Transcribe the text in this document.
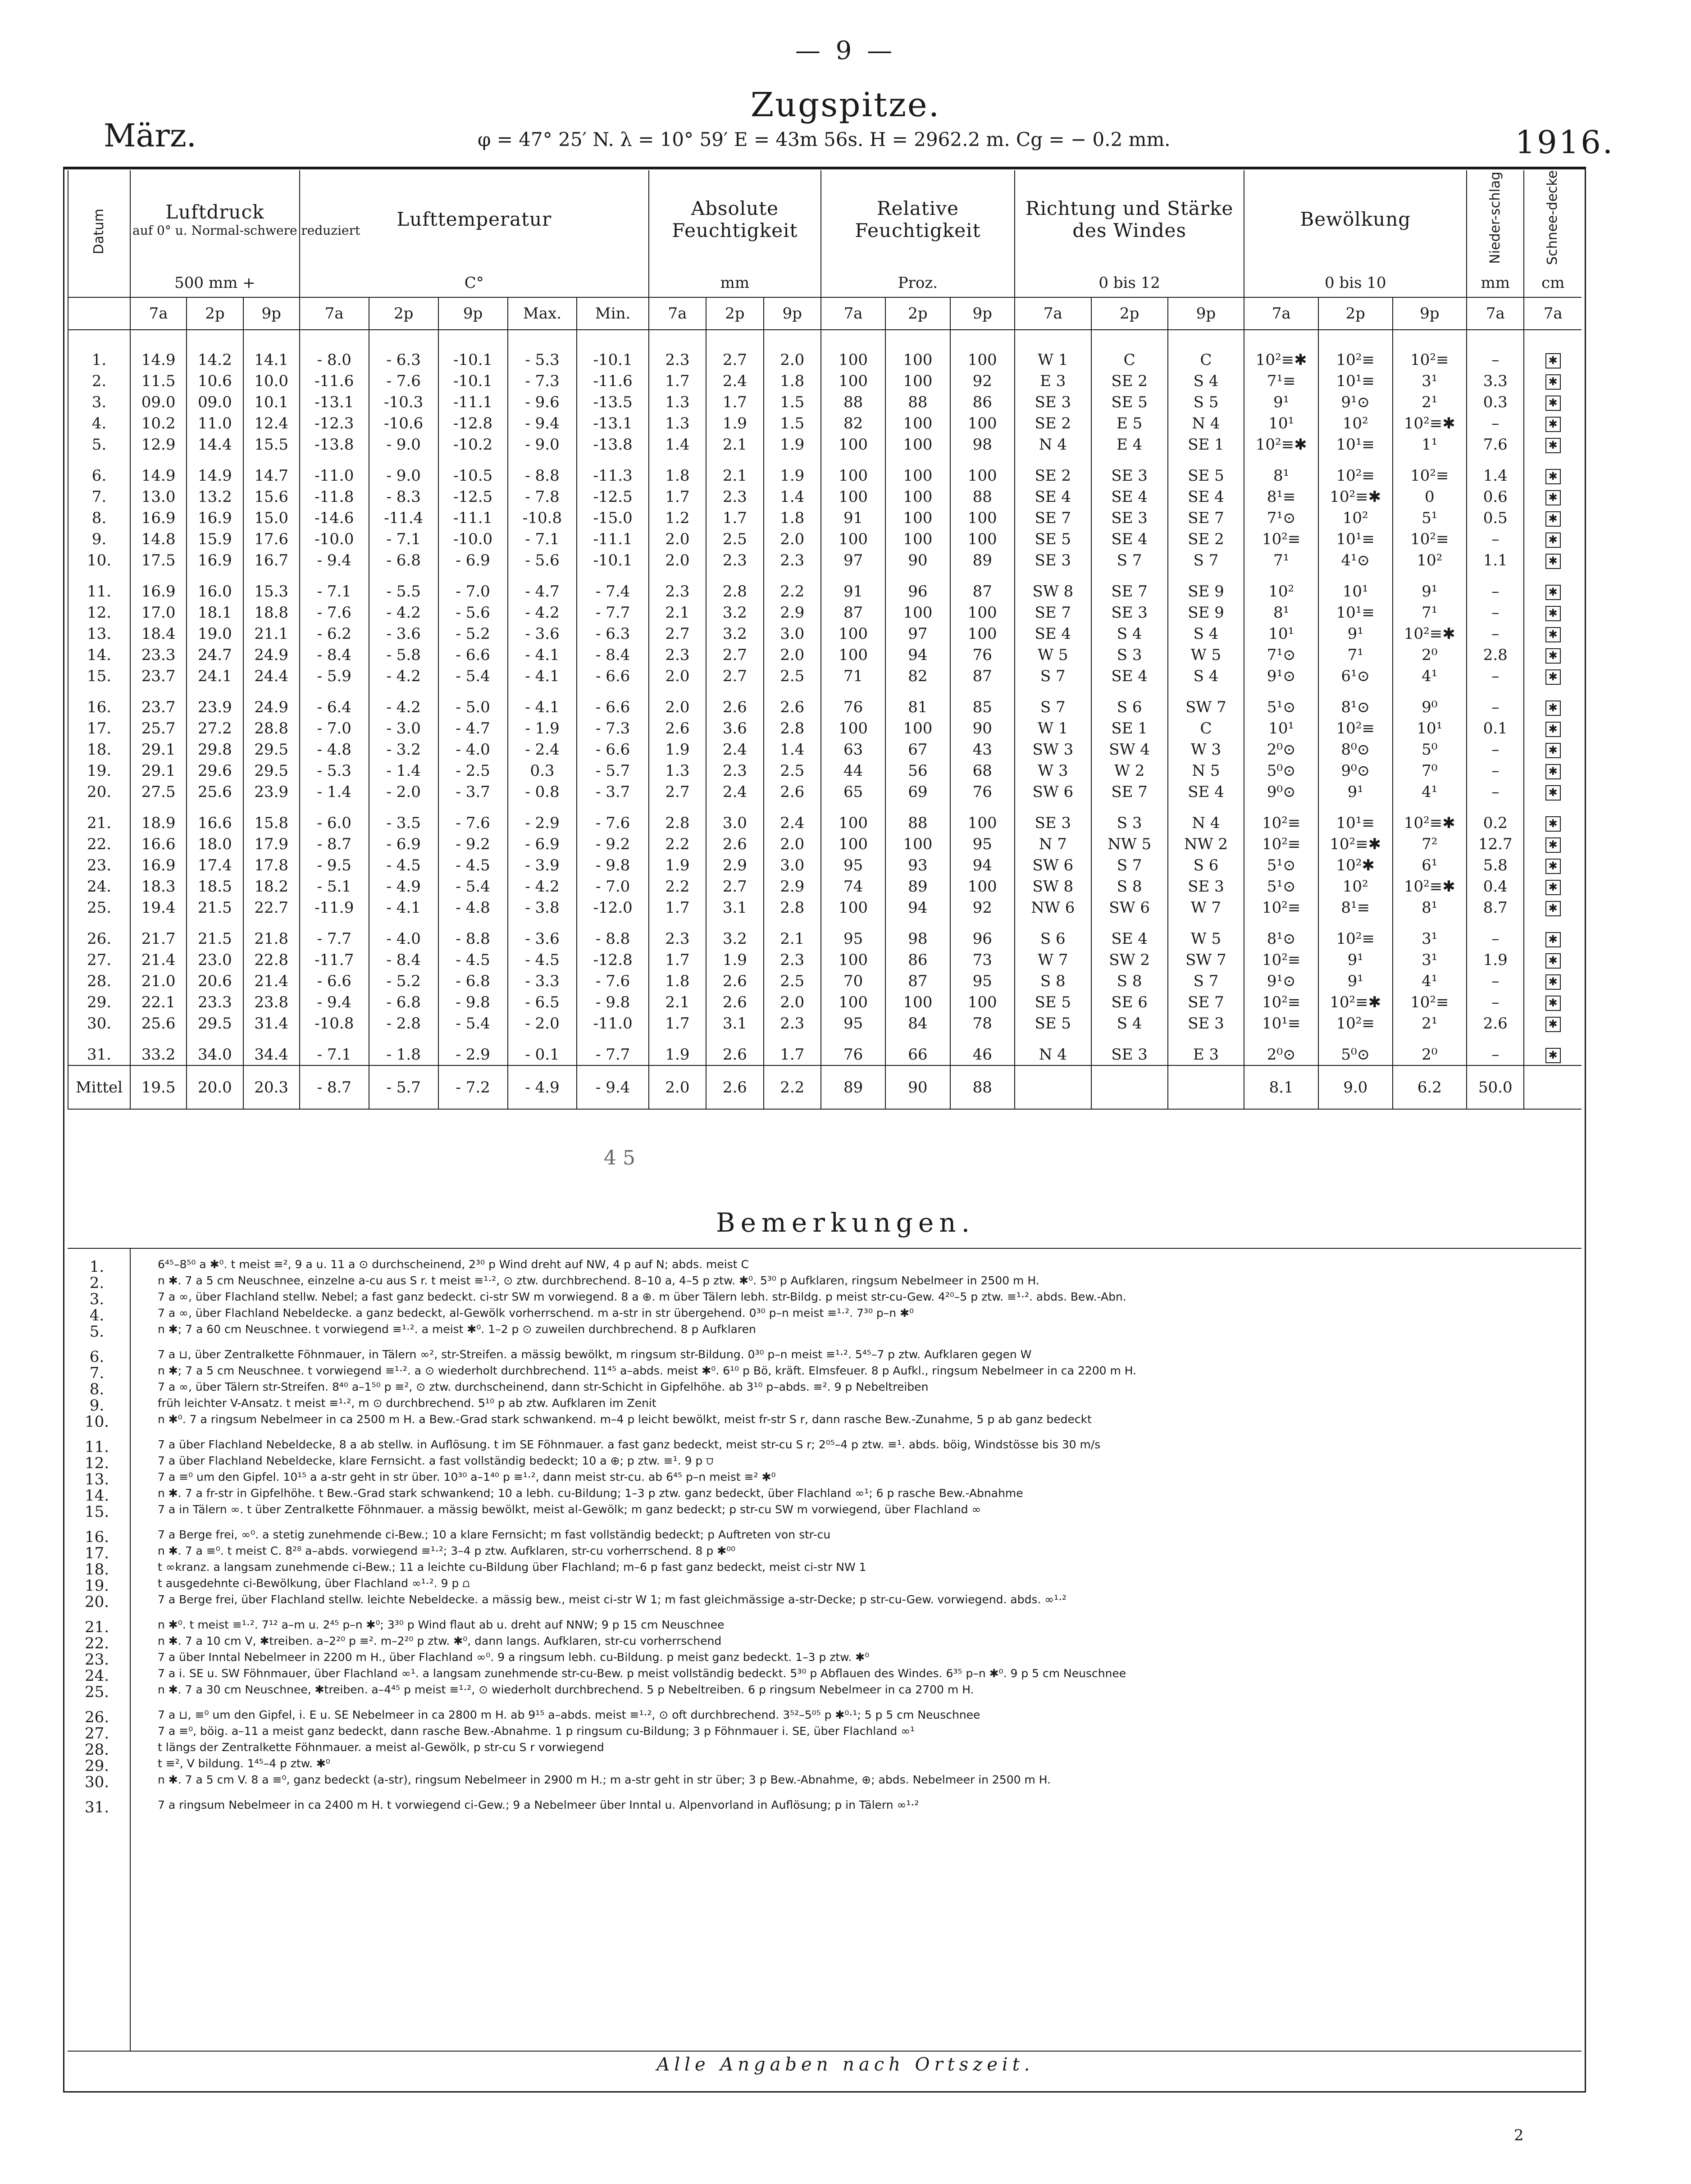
— 9 —
Zugspitze.
März.	φ = 47° 25′ N. λ = 10° 59′ E = 43m 56s. H = 2962.2 m. Cg = − 0.2 mm.	1916.
Datum	Luftdruck
auf 0° u. Normal-schwere reduziert			Lufttemperatur					Absolute Feuchtigkeit			Relative Feuchtigkeit			Richtung und Stärke des Windes			Bewölkung			Nieder-schlag	Schnee-decke
	500 mm +			C°					mm			Proz.			0 bis 12			0 bis 10			mm	cm
	7a	2p	9p	7a	2p	9p	Max.	Min.	7a	2p	9p	7a	2p	9p	7a	2p	9p	7a	2p	9p	7a	7a
1.	14.9	14.2	14.1	- 8.0	- 6.3	-10.1	- 5.3	-10.1	2.3	2.7	2.0	100	100	100	W 1	C	C	10²≡✱	10²≡	10²≡	–	✱
2.	11.5	10.6	10.0	-11.6	- 7.6	-10.1	- 7.3	-11.6	1.7	2.4	1.8	100	100	92	E 3	SE 2	S 4	7¹≡	10¹≡	3¹	3.3	✱
3.	09.0	09.0	10.1	-13.1	-10.3	-11.1	- 9.6	-13.5	1.3	1.7	1.5	88	88	86	SE 3	SE 5	S 5	9¹	9¹⊙	2¹	0.3	✱
4.	10.2	11.0	12.4	-12.3	-10.6	-12.8	- 9.4	-13.1	1.3	1.9	1.5	82	100	100	SE 2	E 5	N 4	10¹	10²	10²≡✱	–	✱
5.	12.9	14.4	15.5	-13.8	- 9.0	-10.2	- 9.0	-13.8	1.4	2.1	1.9	100	100	98	N 4	E 4	SE 1	10²≡✱	10¹≡	1¹	7.6	✱
6.	14.9	14.9	14.7	-11.0	- 9.0	-10.5	- 8.8	-11.3	1.8	2.1	1.9	100	100	100	SE 2	SE 3	SE 5	8¹	10²≡	10²≡	1.4	✱
7.	13.0	13.2	15.6	-11.8	- 8.3	-12.5	- 7.8	-12.5	1.7	2.3	1.4	100	100	88	SE 4	SE 4	SE 4	8¹≡	10²≡✱	0	0.6	✱
8.	16.9	16.9	15.0	-14.6	-11.4	-11.1	-10.8	-15.0	1.2	1.7	1.8	91	100	100	SE 7	SE 3	SE 7	7¹⊙	10²	5¹	0.5	✱
9.	14.8	15.9	17.6	-10.0	- 7.1	-10.0	- 7.1	-11.1	2.0	2.5	2.0	100	100	100	SE 5	SE 4	SE 2	10²≡	10¹≡	10²≡	–	✱
10.	17.5	16.9	16.7	- 9.4	- 6.8	- 6.9	- 5.6	-10.1	2.0	2.3	2.3	97	90	89	SE 3	S 7	S 7	7¹	4¹⊙	10²	1.1	✱
11.	16.9	16.0	15.3	- 7.1	- 5.5	- 7.0	- 4.7	- 7.4	2.3	2.8	2.2	91	96	87	SW 8	SE 7	SE 9	10²	10¹	9¹	–	✱
12.	17.0	18.1	18.8	- 7.6	- 4.2	- 5.6	- 4.2	- 7.7	2.1	3.2	2.9	87	100	100	SE 7	SE 3	SE 9	8¹	10¹≡	7¹	–	✱
13.	18.4	19.0	21.1	- 6.2	- 3.6	- 5.2	- 3.6	- 6.3	2.7	3.2	3.0	100	97	100	SE 4	S 4	S 4	10¹	9¹	10²≡✱	–	✱
14.	23.3	24.7	24.9	- 8.4	- 5.8	- 6.6	- 4.1	- 8.4	2.3	2.7	2.0	100	94	76	W 5	S 3	W 5	7¹⊙	7¹	2⁰	2.8	✱
15.	23.7	24.1	24.4	- 5.9	- 4.2	- 5.4	- 4.1	- 6.6	2.0	2.7	2.5	71	82	87	S 7	SE 4	S 4	9¹⊙	6¹⊙	4¹	–	✱
16.	23.7	23.9	24.9	- 6.4	- 4.2	- 5.0	- 4.1	- 6.6	2.0	2.6	2.6	76	81	85	S 7	S 6	SW 7	5¹⊙	8¹⊙	9⁰	–	✱
17.	25.7	27.2	28.8	- 7.0	- 3.0	- 4.7	- 1.9	- 7.3	2.6	3.6	2.8	100	100	90	W 1	SE 1	C	10¹	10²≡	10¹	0.1	✱
18.	29.1	29.8	29.5	- 4.8	- 3.2	- 4.0	- 2.4	- 6.6	1.9	2.4	1.4	63	67	43	SW 3	SW 4	W 3	2⁰⊙	8⁰⊙	5⁰	–	✱
19.	29.1	29.6	29.5	- 5.3	- 1.4	- 2.5	0.3	- 5.7	1.3	2.3	2.5	44	56	68	W 3	W 2	N 5	5⁰⊙	9⁰⊙	7⁰	–	✱
20.	27.5	25.6	23.9	- 1.4	- 2.0	- 3.7	- 0.8	- 3.7	2.7	2.4	2.6	65	69	76	SW 6	SE 7	SE 4	9⁰⊙	9¹	4¹	–	✱
21.	18.9	16.6	15.8	- 6.0	- 3.5	- 7.6	- 2.9	- 7.6	2.8	3.0	2.4	100	88	100	SE 3	S 3	N 4	10²≡	10¹≡	10²≡✱	0.2	✱
22.	16.6	18.0	17.9	- 8.7	- 6.9	- 9.2	- 6.9	- 9.2	2.2	2.6	2.0	100	100	95	N 7	NW 5	NW 2	10²≡	10²≡✱	7²	12.7	✱
23.	16.9	17.4	17.8	- 9.5	- 4.5	- 4.5	- 3.9	- 9.8	1.9	2.9	3.0	95	93	94	SW 6	S 7	S 6	5¹⊙	10²✱	6¹	5.8	✱
24.	18.3	18.5	18.2	- 5.1	- 4.9	- 5.4	- 4.2	- 7.0	2.2	2.7	2.9	74	89	100	SW 8	S 8	SE 3	5¹⊙	10²	10²≡✱	0.4	✱
25.	19.4	21.5	22.7	-11.9	- 4.1	- 4.8	- 3.8	-12.0	1.7	3.1	2.8	100	94	92	NW 6	SW 6	W 7	10²≡	8¹≡	8¹	8.7	✱
26.	21.7	21.5	21.8	- 7.7	- 4.0	- 8.8	- 3.6	- 8.8	2.3	3.2	2.1	95	98	96	S 6	SE 4	W 5	8¹⊙	10²≡	3¹	–	✱
27.	21.4	23.0	22.8	-11.7	- 8.4	- 4.5	- 4.5	-12.8	1.7	1.9	2.3	100	86	73	W 7	SW 2	SW 7	10²≡	9¹	3¹	1.9	✱
28.	21.0	20.6	21.4	- 6.6	- 5.2	- 6.8	- 3.3	- 7.6	1.8	2.6	2.5	70	87	95	S 8	S 8	S 7	9¹⊙	9¹	4¹	–	✱
29.	22.1	23.3	23.8	- 9.4	- 6.8	- 9.8	- 6.5	- 9.8	2.1	2.6	2.0	100	100	100	SE 5	SE 6	SE 7	10²≡	10²≡✱	10²≡	–	✱
30.	25.6	29.5	31.4	-10.8	- 2.8	- 5.4	- 2.0	-11.0	1.7	3.1	2.3	95	84	78	SE 5	S 4	SE 3	10¹≡	10²≡	2¹	2.6	✱
31.	33.2	34.0	34.4	- 7.1	- 1.8	- 2.9	- 0.1	- 7.7	1.9	2.6	1.7	76	66	46	N 4	SE 3	E 3	2⁰⊙	5⁰⊙	2⁰	–	✱
Mittel	19.5	20.0	20.3	- 8.7	- 5.7	- 7.2	- 4.9	- 9.4	2.0	2.6	2.2	89	90	88				8.1	9.0	6.2	50.0	
4 5
Bemerkungen.
1.	6⁴⁵–8⁵⁰ a ✱⁰. t meist ≡², 9 a u. 11 a ⊙ durchscheinend, 2³⁰ p Wind dreht auf NW, 4 p auf N; abds. meist C
2.	n ✱. 7 a 5 cm Neuschnee, einzelne a-cu aus S r. t meist ≡¹·², ⊙ ztw. durchbrechend. 8–10 a, 4–5 p ztw. ✱⁰. 5³⁰ p Aufklaren, ringsum Nebelmeer in 2500 m H.
3.	7 a ∞, über Flachland stellw. Nebel; a fast ganz bedeckt. ci-str SW m vorwiegend. 8 a ⊕. m über Tälern lebh. str-Bildg. p meist str-cu-Gew. 4²⁰–5 p ztw. ≡¹·². abds. Bew.-Abn.
4.	7 a ∞, über Flachland Nebeldecke. a ganz bedeckt, al-Gewölk vorherrschend. m a-str in str übergehend. 0³⁰ p–n meist ≡¹·². 7³⁰ p–n ✱⁰
5.	n ✱; 7 a 60 cm Neuschnee. t vorwiegend ≡¹·². a meist ✱⁰. 1–2 p ⊙ zuweilen durchbrechend. 8 p Aufklaren
6.	7 a ⊔, über Zentralkette Föhnmauer, in Tälern ∞², str-Streifen. a mässig bewölkt, m ringsum str-Bildung. 0³⁰ p–n meist ≡¹·². 5⁴⁵–7 p ztw. Aufklaren gegen W
7.	n ✱; 7 a 5 cm Neuschnee. t vorwiegend ≡¹·². a ⊙ wiederholt durchbrechend. 11⁴⁵ a–abds. meist ✱⁰. 6¹⁰ p Bö, kräft. Elmsfeuer. 8 p Aufkl., ringsum Nebelmeer in ca 2200 m H.
8.	7 a ∞, über Tälern str-Streifen. 8⁴⁰ a–1⁵⁰ p ≡², ⊙ ztw. durchscheinend, dann str-Schicht in Gipfelhöhe. ab 3¹⁰ p–abds. ≡². 9 p Nebeltreiben
9.	früh leichter V-Ansatz. t meist ≡¹·², m ⊙ durchbrechend. 5¹⁰ p ab ztw. Aufklaren im Zenit
10.	n ✱⁰. 7 a ringsum Nebelmeer in ca 2500 m H. a Bew.-Grad stark schwankend. m–4 p leicht bewölkt, meist fr-str S r, dann rasche Bew.-Zunahme, 5 p ab ganz bedeckt
11.	7 a über Flachland Nebeldecke, 8 a ab stellw. in Auflösung. t im SE Föhnmauer. a fast ganz bedeckt, meist str-cu S r; 2⁰⁵–4 p ztw. ≡¹. abds. böig, Windstösse bis 30 m/s
12.	7 a über Flachland Nebeldecke, klare Fernsicht. a fast vollständig bedeckt; 10 a ⊕; p ztw. ≡¹. 9 p ⩌
13.	7 a ≡⁰ um den Gipfel. 10¹⁵ a a-str geht in str über. 10³⁰ a–1⁴⁰ p ≡¹·², dann meist str-cu. ab 6⁴⁵ p–n meist ≡² ✱⁰
14.	n ✱. 7 a fr-str in Gipfelhöhe. t Bew.-Grad stark schwankend; 10 a lebh. cu-Bildung; 1–3 p ztw. ganz bedeckt, über Flachland ∞¹; 6 p rasche Bew.-Abnahme
15.	7 a in Tälern ∞. t über Zentralkette Föhnmauer. a mässig bewölkt, meist al-Gewölk; m ganz bedeckt; p str-cu SW m vorwiegend, über Flachland ∞
16.	7 a Berge frei, ∞⁰. a stetig zunehmende ci-Bew.; 10 a klare Fernsicht; m fast vollständig bedeckt; p Auftreten von str-cu
17.	n ✱. 7 a ≡⁰. t meist C. 8²⁸ a–abds. vorwiegend ≡¹·²; 3–4 p ztw. Aufklaren, str-cu vorherrschend. 8 p ✱⁰⁰
18.	t ∞kranz. a langsam zunehmende ci-Bew.; 11 a leichte cu-Bildung über Flachland; m–6 p fast ganz bedeckt, meist ci-str NW 1
19.	t ausgedehnte ci-Bewölkung, über Flachland ∞¹·². 9 p ⩍
20.	7 a Berge frei, über Flachland stellw. leichte Nebeldecke. a mässig bew., meist ci-str W 1; m fast gleichmässige a-str-Decke; p str-cu-Gew. vorwiegend. abds. ∞¹·²
21.	n ✱⁰. t meist ≡¹·². 7¹² a–m u. 2⁴⁵ p–n ✱⁰; 3³⁰ p Wind flaut ab u. dreht auf NNW; 9 p 15 cm Neuschnee
22.	n ✱. 7 a 10 cm V, ✱treiben. a–2²⁰ p ≡². m–2²⁰ p ztw. ✱⁰, dann langs. Aufklaren, str-cu vorherrschend
23.	7 a über Inntal Nebelmeer in 2200 m H., über Flachland ∞⁰. 9 a ringsum lebh. cu-Bildung. p meist ganz bedeckt. 1–3 p ztw. ✱⁰
24.	7 a i. SE u. SW Föhnmauer, über Flachland ∞¹. a langsam zunehmende str-cu-Bew. p meist vollständig bedeckt. 5³⁰ p Abflauen des Windes. 6³⁵ p–n ✱⁰. 9 p 5 cm Neuschnee
25.	n ✱. 7 a 30 cm Neuschnee, ✱treiben. a–4⁴⁵ p meist ≡¹·², ⊙ wiederholt durchbrechend. 5 p Nebeltreiben. 6 p ringsum Nebelmeer in ca 2700 m H.
26.	7 a ⊔, ≡⁰ um den Gipfel, i. E u. SE Nebelmeer in ca 2800 m H. ab 9¹⁵ a–abds. meist ≡¹·², ⊙ oft durchbrechend. 3⁵²–5⁰⁵ p ✱⁰·¹; 5 p 5 cm Neuschnee
27.	7 a ≡⁰, böig. a–11 a meist ganz bedeckt, dann rasche Bew.-Abnahme. 1 p ringsum cu-Bildung; 3 p Föhnmauer i. SE, über Flachland ∞¹
28.	t längs der Zentralkette Föhnmauer. a meist al-Gewölk, p str-cu S r vorwiegend
29.	t ≡², V bildung. 1⁴⁵–4 p ztw. ✱⁰
30.	n ✱. 7 a 5 cm V. 8 a ≡⁰, ganz bedeckt (a-str), ringsum Nebelmeer in 2900 m H.; m a-str geht in str über; 3 p Bew.-Abnahme, ⊕; abds. Nebelmeer in 2500 m H.
31.	7 a ringsum Nebelmeer in ca 2400 m H. t vorwiegend ci-Gew.; 9 a Nebelmeer über Inntal u. Alpenvorland in Auflösung; p in Tälern ∞¹·²
Alle Angaben nach Ortszeit.
2
